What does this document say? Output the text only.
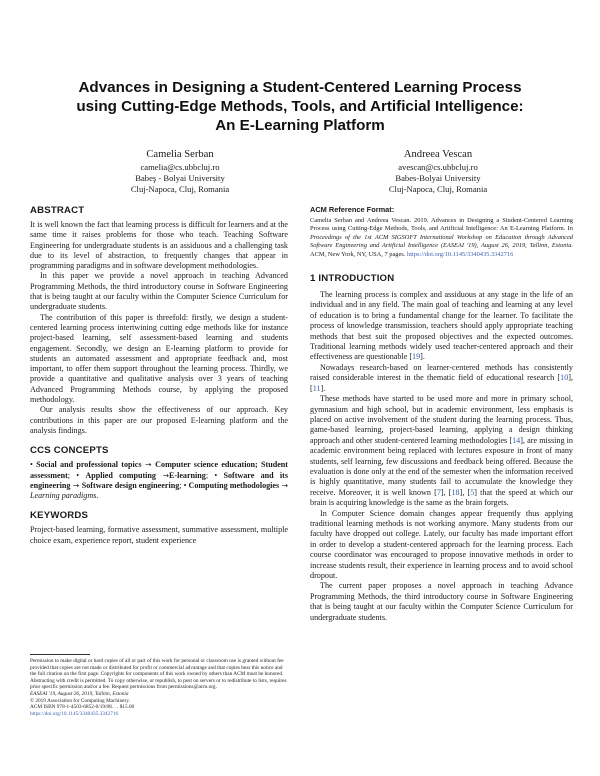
Advances in Designing a Student-Centered Learning Process
using Cutting-Edge Methods, Tools, and Artificial Intelligence:
An E-Learning Platform
Camelia Serban
camelia@cs.ubbcluj.ro
Babeş - Bolyai University
Cluj-Napoca, Cluj, Romania
Andreea Vescan
avescan@cs.ubbcluj.ro
Babes-Bolyai University
Cluj-Napoca, Cluj, Romania
ABSTRACT

It is well known the fact that learning process is difficult for learners and at the same time it raises problems for those who teach. Teaching Software Engineering for undergraduate students is an assiduous and a challenging task due to its level of abstraction, to frequently changes that appear in programming paradigms and in software development methodologies.

In this paper we provide a novel approach in teaching Advanced Programming Methods, the third introductory course in Software Engineering that is being taught at our faculty within the Computer Science Curriculum for undergraduate students.

The contribution of this paper is threefold: firstly, we design a student-centered learning process intertwining cutting edge methods like for instance project-based learning, self assessment-based learning and students engagement. Secondly, we design an E-learning platform to provide for students an automated assessment and appropriate feedback and, most important, to offer them support throughout the learning process. Thirdly, we provide a quantitative and qualitative analysis over 3 years of teaching Advanced Programming Methods course, by applying the proposed methodology.

Our analysis results show the effectiveness of our approach. Key contributions in this paper are our proposed E-learning platform and the analysis findings.

CCS CONCEPTS

• Social and professional topics → Computer science education; Student assessment; • Applied computing →E-learning; • Software and its engineering → Software design engineering; • Computing methodologies → Learning paradigms.

KEYWORDS

Project-based learning, formative assessment, summative assessment, multiple choice exam, experience report, student experience

Permission to make digital or hard copies of all or part of this work for personal or classroom use is granted without fee provided that copies are not made or distributed for profit or commercial advantage and that copies bear this notice and the full citation on the first page. Copyrights for components of this work owned by others than ACM must be honored. Abstracting with credit is permitted. To copy otherwise, or republish, to post on servers or to redistribute to lists, requires prior specific permission and/or a fee. Request permissions from permissions@acm.org.

EASEAI '19, August 26, 2019, Tallinn, Estonia

© 2019 Association for Computing Machinery.

ACM ISBN 978-1-4503-6852-0/19/08. . . $15.00

https://doi.org/10.1145/3340435.3342716

ACM Reference Format:

Camelia Serban and Andreea Vescan. 2019. Advances in Designing a Student-Centered Learning Process using Cutting-Edge Methods, Tools, and Artificial Intelligence: An E-Learning Platform. In Proceedings of the 1st ACM SIGSOFT International Workshop on Education through Advanced Software Engineering and Artificial Intelligence (EASEAI '19), August 26, 2019, Tallinn, Estonia. ACM, New York, NY, USA, 7 pages. https://doi.org/10.1145/3340435.3342716

1 INTRODUCTION

The learning process is complex and assiduous at any stage in the life of an individual and in any field. The main goal of teaching and learning at any level of education is to bring a fundamental change for the learner. To facilitate the process of knowledge transmission, teachers should apply appropriate teaching methods that best suit the proposed objectives and the expected outcomes. Traditional learning methods widely used teacher-centered approach and their effectiveness are questionable [19].

Nowadays research-based on learner-centered methods has consistently raised considerable interest in the thematic field of educational research [10], [11].

These methods have started to be used more and more in primary school, gymnasium and high school, but in academic environment, less emphasis is placed on active involvement of the student during the learning process. Thus, game-based learning, project-based learning, applying a design thinking approach and other student-centered learning methodologies [14], are missing in academic environment being replaced with lectures exposure in front of many students, self learning, few discussions and feedback being offered. Because the evaluation is done only at the end of the semester when the information received is highly quantitative, many students fail to accumulate the knowledge they receive. Moreover, it is well known [7], [18], [5] that the speed at which our brain is acquiring knowledge is the same as the brain forgets.

In Computer Science domain changes appear frequently thus applying traditional learning methods is not working anymore. Many students from our faculty have dropped out college. Lately, our faculty has made important effort in order to develop a student-centered approach for the learning process. Each course coordinator was encouraged to propose innovative methods in order to increase students result, their experience in learning process and to avoid school dropout.

The current paper proposes a novel approach in teaching Advance Programming Methods, the third introductory course in Software Engineering that is being taught at our faculty within the Computer Science Curriculum for undergraduate students.
